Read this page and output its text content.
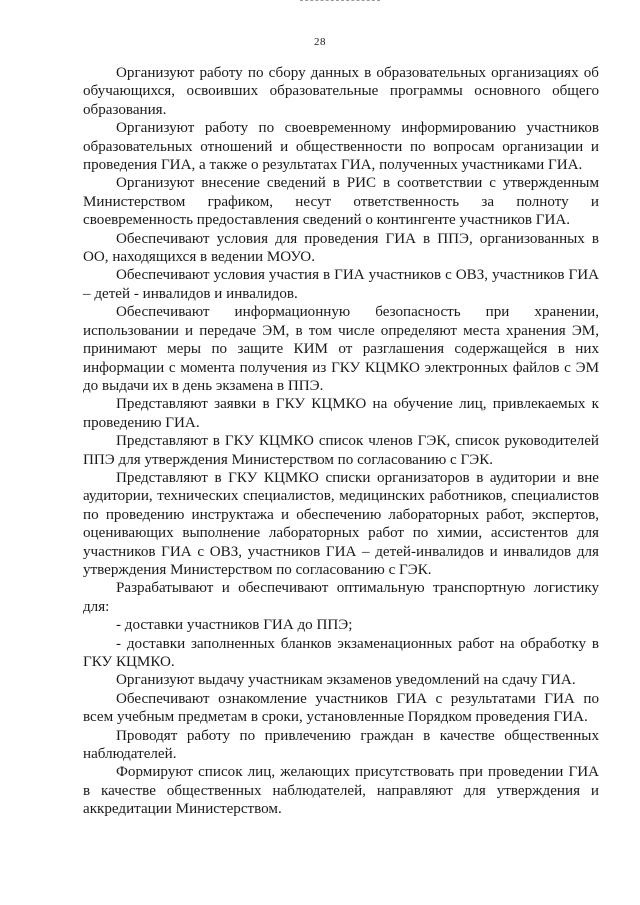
28

Организуют работу по сбору данных в образовательных организациях об обучающихся, освоивших образовательные программы основного общего образования.

Организуют работу по своевременному информированию участников образовательных отношений и общественности по вопросам организации и проведения ГИА, а также о результатах ГИА, полученных участниками ГИА.

Организуют внесение сведений в РИС в соответствии с утвержденным Министерством графиком, несут ответственность за полноту и своевременность предоставления сведений о контингенте участников ГИА.

Обеспечивают условия для проведения ГИА в ППЭ, организованных в ОО, находящихся в ведении МОУО.

Обеспечивают условия участия в ГИА участников с ОВЗ, участников ГИА – детей - инвалидов и инвалидов.

Обеспечивают информационную безопасность при хранении, использовании и передаче ЭМ, в том числе определяют места хранения ЭМ, принимают меры по защите КИМ от разглашения содержащейся в них информации с момента получения из ГКУ КЦМКО электронных файлов с ЭМ до выдачи их в день экзамена в ППЭ.

Представляют заявки в ГКУ КЦМКО на обучение лиц, привлекаемых к проведению ГИА.

Представляют в ГКУ КЦМКО список членов ГЭК, список руководителей ППЭ для утверждения Министерством по согласованию с ГЭК.

Представляют в ГКУ КЦМКО списки организаторов в аудитории и вне аудитории, технических специалистов, медицинских работников, специалистов по проведению инструктажа и обеспечению лабораторных работ, экспертов, оценивающих выполнение лабораторных работ по химии, ассистентов для участников ГИА с ОВЗ, участников ГИА – детей-инвалидов и инвалидов для утверждения Министерством по согласованию с ГЭК.

Разрабатывают и обеспечивают оптимальную транспортную логистику для:

- доставки участников ГИА до ППЭ;

- доставки заполненных бланков экзаменационных работ на обработку в ГКУ КЦМКО.

Организуют выдачу участникам экзаменов уведомлений на сдачу ГИА.

Обеспечивают ознакомление участников ГИА с результатами ГИА по всем учебным предметам в сроки, установленные Порядком проведения ГИА.

Проводят работу по привлечению граждан в качестве общественных наблюдателей.

Формируют список лиц, желающих присутствовать при проведении ГИА в качестве общественных наблюдателей, направляют для утверждения и аккредитации Министерством.
